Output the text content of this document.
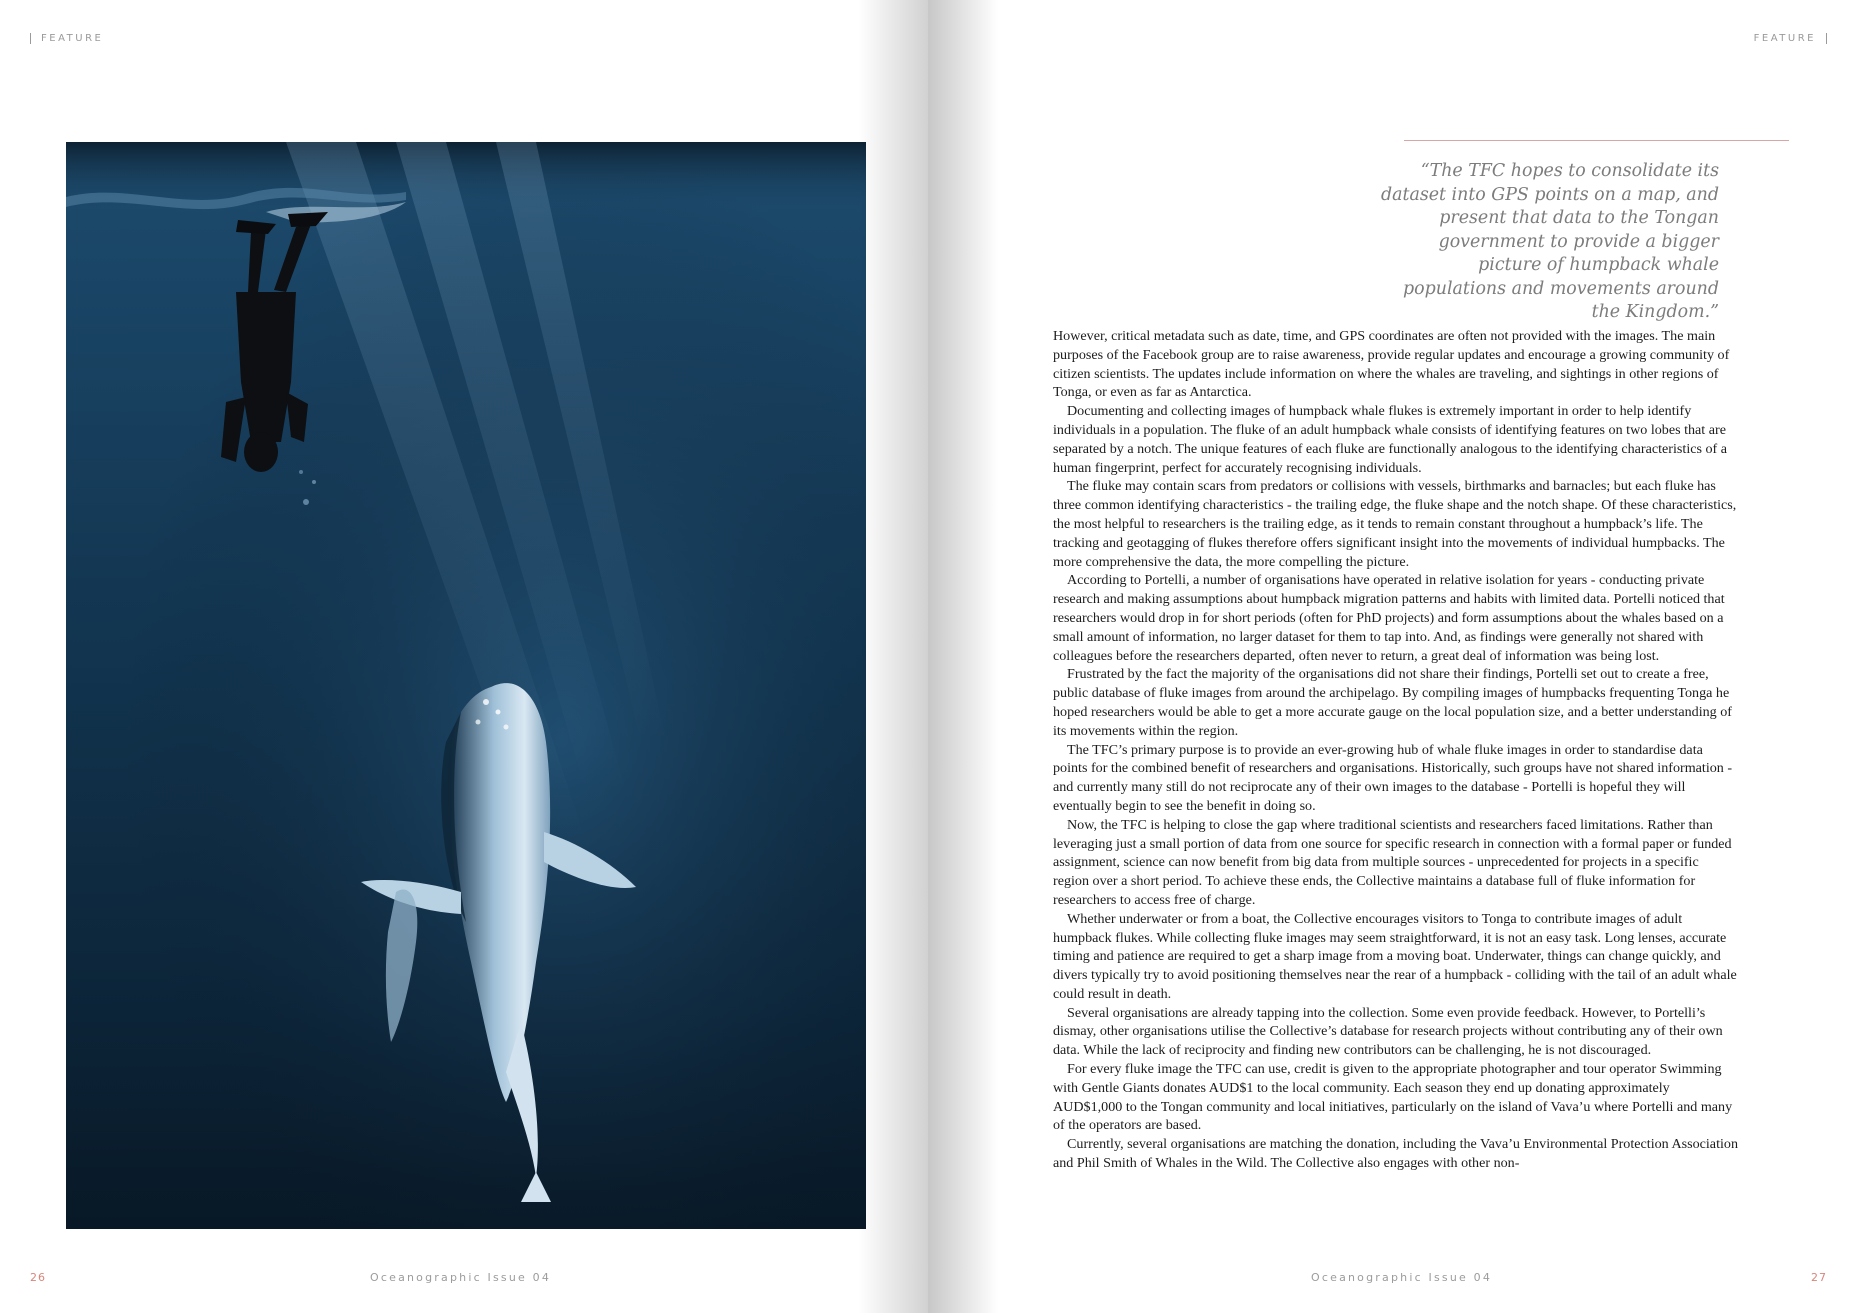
FEATURE
26	Oceanographic Issue 04
FEATURE

“The TFC hopes to consolidate its dataset into GPS points on a map, and present that data to the Tongan government to provide a bigger picture of humpback whale populations and movements around the Kingdom.”

However, critical metadata such as date, time, and GPS coordinates are often not provided with the images. The main purposes of the Facebook group are to raise awareness, provide regular updates and encourage a growing community of citizen scientists. The updates include information on where the whales are traveling, and sightings in other regions of Tonga, or even as far as Antarctica.

Documenting and collecting images of humpback whale flukes is extremely important in order to help identify individuals in a population. The fluke of an adult humpback whale consists of identifying features on two lobes that are separated by a notch. The unique features of each fluke are functionally analogous to the identifying characteristics of a human fingerprint, perfect for accurately recognising individuals.

The fluke may contain scars from predators or collisions with vessels, birthmarks and barnacles; but each fluke has three common identifying characteristics - the trailing edge, the fluke shape and the notch shape. Of these characteristics, the most helpful to researchers is the trailing edge, as it tends to remain constant throughout a humpback’s life. The tracking and geotagging of flukes therefore offers significant insight into the movements of individual humpbacks. The more comprehensive the data, the more compelling the picture.

According to Portelli, a number of organisations have operated in relative isolation for years - conducting private research and making assumptions about humpback migration patterns and habits with limited data. Portelli noticed that researchers would drop in for short periods (often for PhD projects) and form assumptions about the whales based on a small amount of information, no larger dataset for them to tap into. And, as findings were generally not shared with colleagues before the researchers departed, often never to return, a great deal of information was being lost.

Frustrated by the fact the majority of the organisations did not share their findings, Portelli set out to create a free, public database of fluke images from around the archipelago. By compiling images of humpbacks frequenting Tonga he hoped researchers would be able to get a more accurate gauge on the local population size, and a better understanding of its movements within the region.

The TFC’s primary purpose is to provide an ever-growing hub of whale fluke images in order to standardise data points for the combined benefit of researchers and organisations. Historically, such groups have not shared information - and currently many still do not reciprocate any of their own images to the database - Portelli is hopeful they will eventually begin to see the benefit in doing so.

Now, the TFC is helping to close the gap where traditional scientists and researchers faced limitations. Rather than leveraging just a small portion of data from one source for specific research in connection with a formal paper or funded assignment, science can now benefit from big data from multiple sources - unprecedented for projects in a specific region over a short period. To achieve these ends, the Collective maintains a database full of fluke information for researchers to access free of charge.

Whether underwater or from a boat, the Collective encourages visitors to Tonga to contribute images of adult humpback flukes. While collecting fluke images may seem straightforward, it is not an easy task. Long lenses, accurate timing and patience are required to get a sharp image from a moving boat. Underwater, things can change quickly, and divers typically try to avoid positioning themselves near the rear of a humpback - colliding with the tail of an adult whale could result in death.

Several organisations are already tapping into the collection. Some even provide feedback. However, to Portelli’s dismay, other organisations utilise the Collective’s database for research projects without contributing any of their own data. While the lack of reciprocity and finding new contributors can be challenging, he is not discouraged.

For every fluke image the TFC can use, credit is given to the appropriate photographer and tour operator Swimming with Gentle Giants donates AUD$1 to the local community. Each season they end up donating approximately AUD$1,000 to the Tongan community and local initiatives, particularly on the island of Vava’u where Portelli and many of the operators are based.

Currently, several organisations are matching the donation, including the Vava’u Environmental Protection Association and Phil Smith of Whales in the Wild. The Collective also engages with other non-

Oceanographic Issue 04	27
